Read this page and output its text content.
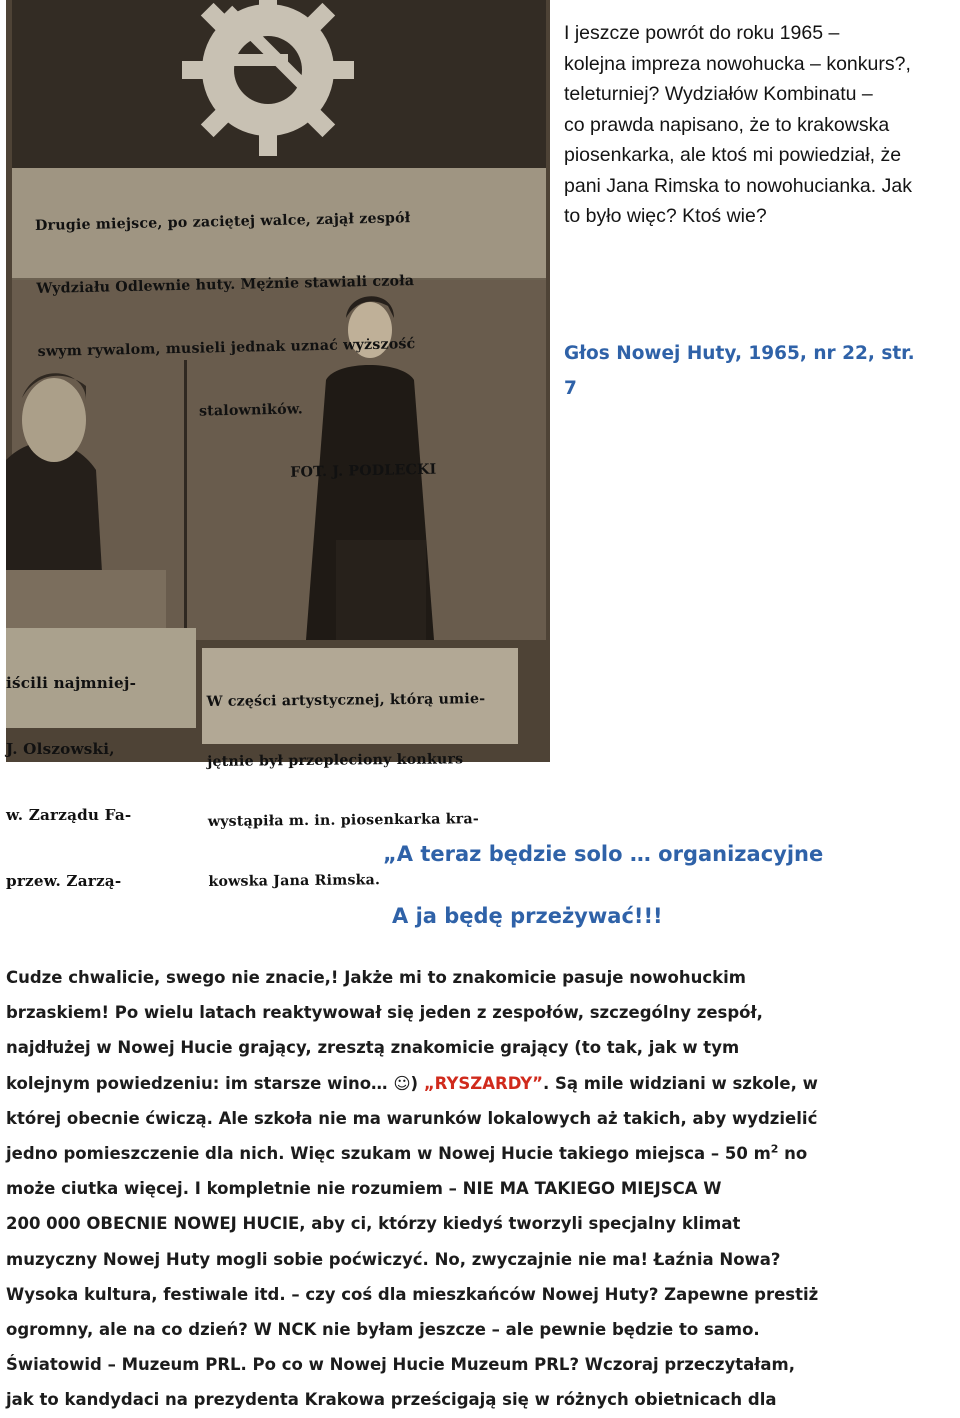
Drugie miejsce, po zaciętej walce, zajął zespół

Wydziału Odlewnie huty. Mężnie stawiali czoła

swym rywalom, musieli jednak uznać wyższość

stalowników.

FOT. J. PODLECKI

iścili najmniej-

J. Olszowski,

w. Zarządu Fa-

przew. Zarzą-

W części artystycznej, którą umie-

jętnie był przepleciony konkurs

wystąpiła m. in. piosenkarka kra-

kowska Jana Rimska.

I jeszcze powrót do roku 1965 –
kolejna impreza nowohucka – konkurs?,
teleturniej? Wydziałów Kombinatu –
co prawda napisano, że to krakowska
piosenkarka, ale ktoś mi powiedział, że
pani Jana Rimska to nowohucianka. Jak
to było więc? Ktoś wie?

Głos Nowej Huty, 1965, nr 22, str.
7

„A teraz będzie solo … organizacyjne

A ja będę przeżywać!!!

Cudze chwalicie, swego nie znacie,! Jakże mi to znakomicie pasuje nowohuckim
brzaskiem! Po wielu latach reaktywował się jeden z zespołów, szczególny zespół,
najdłużej w Nowej Hucie grający, zresztą znakomicie grający (to tak, jak w tym
kolejnym powiedzeniu: im starsze wino… ☺) „RYSZARDY”. Są mile widziani w szkole, w
której obecnie ćwiczą. Ale szkoła nie ma warunków lokalowych aż takich, aby wydzielić
jedno pomieszczenie dla nich. Więc szukam w Nowej Hucie takiego miejsca – 50 $m^2$ no
może ciutka więcej. I kompletnie nie rozumiem – NIE MA TAKIEGO MIEJSCA W
200 000 OBECNIE NOWEJ HUCIE, aby ci, którzy kiedyś tworzyli specjalny klimat
muzyczny Nowej Huty mogli sobie poćwiczyć. No, zwyczajnie nie ma! Łaźnia Nowa?
Wysoka kultura, festiwale itd. – czy coś dla mieszkańców Nowej Huty? Zapewne prestiż
ogromny, ale na co dzień? W NCK nie byłam jeszcze – ale pewnie będzie to samo.
Światowid – Muzeum PRL. Po co w Nowej Hucie Muzeum PRL? Wczoraj przeczytałam,
jak to kandydaci na prezydenta Krakowa prześcigają się w różnych obietnicach dla
